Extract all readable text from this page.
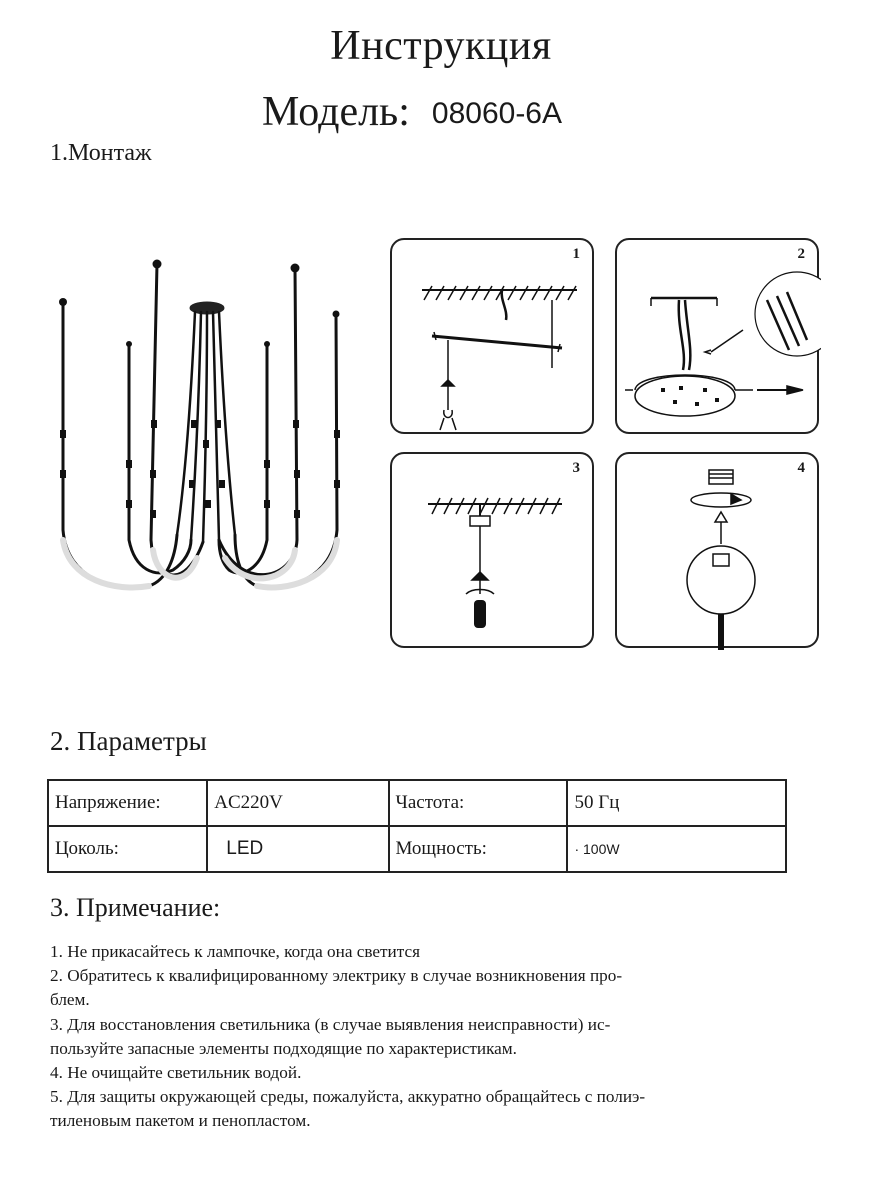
Инструкция
Модель: 08060-6A
1.Монтаж
1	2
3	4
2. Параметры
Напряжение:	AC220V	Частота:	50 Гц
Цоколь:	LED	Мощность:	· 100W
3. Примечание:

1. Не прикасайтесь к лампочке, когда она светится

2. Обратитесь к квалифицированному электрику в случае возникновения про-

блем.

3. Для восстановления светильника (в случае выявления неисправности) ис-

пользуйте запасные элементы подходящие по характеристикам.

4. Не очищайте светильник водой.

5. Для защиты окружающей среды, пожалуйста, аккуратно обращайтесь с полиэ-

тиленовым пакетом и пенопластом.
